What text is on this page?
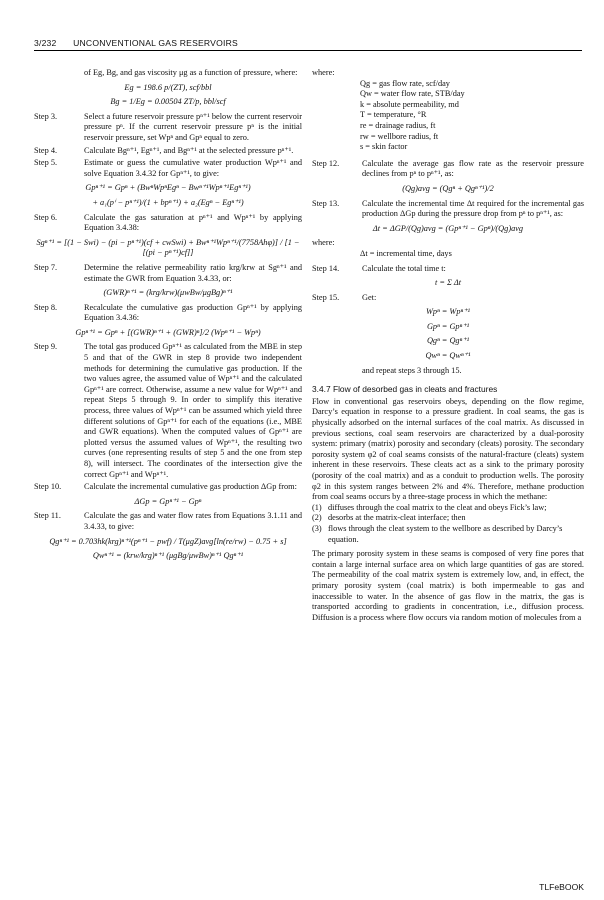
3/232 UNCONVENTIONAL GAS RESERVOIRS
of Eg, Bg, and gas viscosity μg as a function of pressure, where:
Eg = 198.6 p/(ZT), scf/bbl
Bg = 1/Eg = 0.00504 ZT/p, bbl/scf
Step 3.	Select a future reservoir pressure pⁿ⁺¹ below the current reservoir pressure pⁿ. If the current reservoir pressure pⁿ is the initial reservoir pressure, set Wpⁿ and Gpⁿ equal to zero.
Step 4.	Calculate Bgⁿ⁺¹, Egⁿ⁺¹, and Bgⁿ⁺¹ at the selected pressure pⁿ⁺¹.
Step 5.	Estimate or guess the cumulative water production Wpⁿ⁺¹ and solve Equation 3.4.32 for Gpⁿ⁺¹, to give:
Gpⁿ⁺¹ = Gpⁿ + (BwⁿWpⁿEgⁿ − Bwⁿ⁺¹Wpⁿ⁺¹Egⁿ⁺¹)
+ a₁(pⁱ − pⁿ⁺¹)/(1 + bpⁿ⁺¹) + a₂(Egⁿ − Egⁿ⁺¹)
Step 6.	Calculate the gas saturation at pⁿ⁺¹ and Wpⁿ⁺¹ by applying Equation 3.4.38:
Sgⁿ⁺¹ = [(1 − Swi) − (pi − pⁿ⁺¹)(cf + cwSwi) + Bwⁿ⁺¹Wpⁿ⁺¹/(7758Ahφ)] / [1 − [(pi − pⁿ⁺¹)cf]]
Step 7.	Determine the relative permeability ratio krg/krw at Sgⁿ⁺¹ and estimate the GWR from Equation 3.4.33, or:
(GWR)ⁿ⁺¹ = (krg/krw)(μwBw/μgBg)ⁿ⁺¹
Step 8.	Recalculate the cumulative gas production Gpⁿ⁺¹ by applying Equation 3.4.36:
Gpⁿ⁺¹ = Gpⁿ + [(GWR)ⁿ⁺¹ + (GWR)ⁿ]/2 (Wpⁿ⁺¹ − Wpⁿ)
Step 9.	The total gas produced Gpⁿ⁺¹ as calculated from the MBE in step 5 and that of the GWR in step 8 provide two independent methods for determining the cumulative gas production. If the two values agree, the assumed value of Wpⁿ⁺¹ and the calculated Gpⁿ⁺¹ are correct. Otherwise, assume a new value for Wpⁿ⁺¹ and repeat Steps 5 through 9. In order to simplify this iterative process, three values of Wpⁿ⁺¹ can be assumed which yield three different solutions of Gpⁿ⁺¹ for each of the equations (i.e., MBE and GWR equations). When the computed values of Gpⁿ⁺¹ are plotted versus the assumed values of Wpⁿ⁺¹, the resulting two curves (one representing results of step 5 and the one from step 8), will intersect. The coordinates of the intersection give the correct Gpⁿ⁺¹ and Wpⁿ⁺¹.
Step 10.	Calculate the incremental cumulative gas production ΔGp from:
ΔGp = Gpⁿ⁺¹ − Gpⁿ
Step 11.	Calculate the gas and water flow rates from Equations 3.1.11 and 3.4.33, to give:
Qgⁿ⁺¹ = 0.703hk(krg)ⁿ⁺¹(pⁿ⁺¹ − pwf) / T(μgZ)avg[ln(re/rw) − 0.75 + s]
Qwⁿ⁺¹ = (krw/krg)ⁿ⁺¹ (μgBg/μwBw)ⁿ⁺¹ Qgⁿ⁺¹
where:
Qg = gas flow rate, scf/day
Qw = water flow rate, STB/day
k = absolute permeability, md
T = temperature, °R
re = drainage radius, ft
rw = wellbore radius, ft
s = skin factor
Step 12.	Calculate the average gas flow rate as the reservoir pressure declines from pⁿ to pⁿ⁺¹, as:
(Qg)avg = (Qgⁿ + Qgⁿ⁺¹)/2
Step 13.	Calculate the incremental time Δt required for the incremental gas production ΔGp during the pressure drop from pⁿ to pⁿ⁺¹, as:
Δt = ΔGP/(Qg)avg = (Gpⁿ⁺¹ − Gpⁿ)/(Qg)avg
where:
Δt = incremental time, days
Step 14.	Calculate the total time t:
t = Σ Δt
Step 15.	Get:
Wpⁿ = Wpⁿ⁺¹
Gpⁿ = Gpⁿ⁺¹
Qgⁿ = Qgⁿ⁺¹
Qwⁿ = Qwⁿ⁺¹
and repeat steps 3 through 15.
3.4.7 Flow of desorbed gas in cleats and fractures
Flow in conventional gas reservoirs obeys, depending on the flow regime, Darcy’s equation in response to a pressure gradient. In coal seams, the gas is physically adsorbed on the internal surfaces of the coal matrix. As discussed in previous sections, coal seam reservoirs are characterized by a dual-porosity system: primary (matrix) porosity and secondary (cleats) porosity. The secondary porosity system φ2 of coal seams consists of the natural-fracture (cleats) system inherent in these reservoirs. These cleats act as a sink to the primary porosity (porosity of the coal matrix) and as a conduit to production wells. The porosity φ2 in this system ranges between 2% and 4%. Therefore, methane production from coal seams occurs by a three-stage process in which the methane:
(1) diffuses through the coal matrix to the cleat and obeys Fick’s law;
(2) desorbs at the matrix-cleat interface; then
(3) flows through the cleat system to the wellbore as described by Darcy’s equation.
The primary porosity system in these seams is composed of very fine pores that contain a large internal surface area on which large quantities of gas are stored. The permeability of the coal matrix system is extremely low, and, in effect, the primary porosity system (coal matrix) is both impermeable to gas and inaccessible to water. In the absence of gas flow in the matrix, the gas is transported according to gradients in concentration, i.e., diffusion process. Diffusion is a process where flow occurs via random motion of molecules from a
TLFeBOOK
